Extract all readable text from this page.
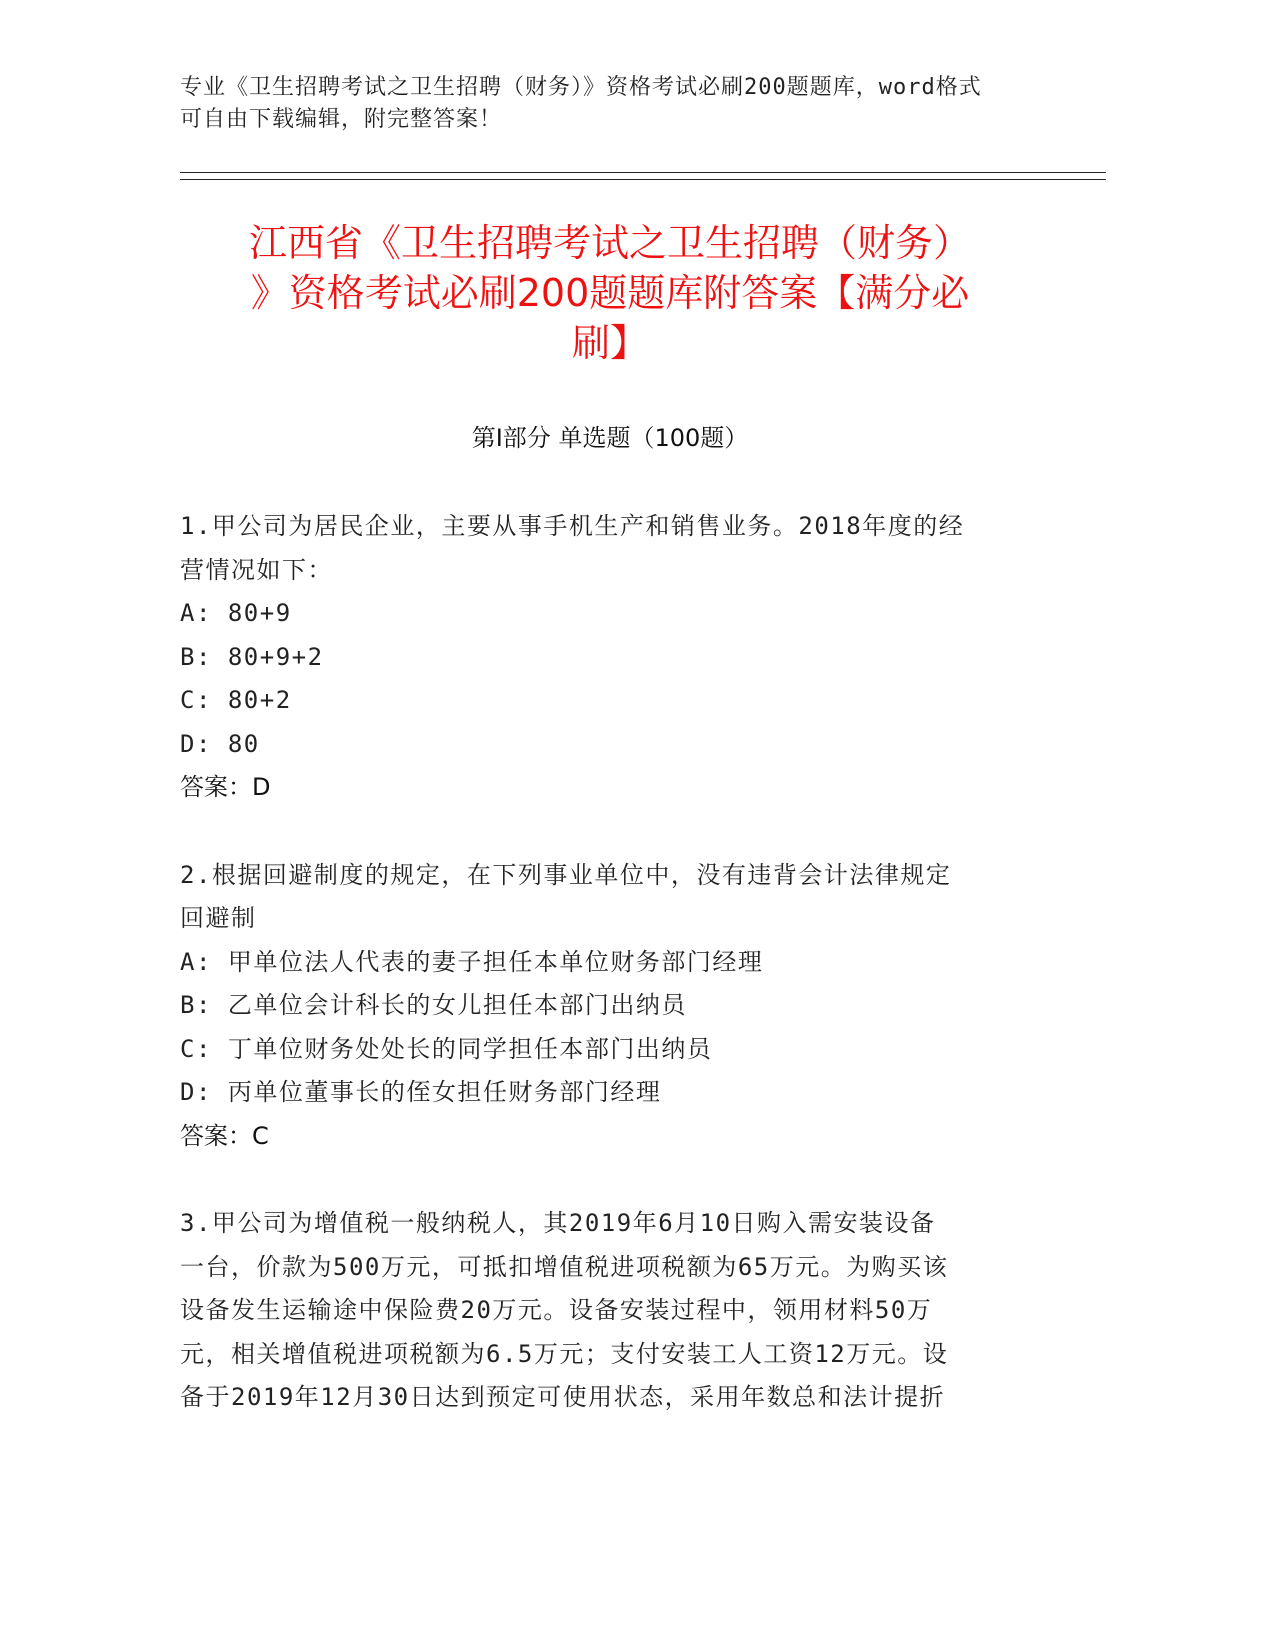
专业《卫生招聘考试之卫生招聘（财务）》资格考试必刷200题题库，word格式

可自由下载编辑，附完整答案！

江西省《卫生招聘考试之卫生招聘（财务）

》资格考试必刷200题题库附答案【满分必

刷】

第Ⅰ部分 单选题（100题）

1.甲公司为居民企业，主要从事手机生产和销售业务。2018年度的经

营情况如下：

A: 80+9

B: 80+9+2

C: 80+2

D: 80

答案：D

2.根据回避制度的规定，在下列事业单位中，没有违背会计法律规定

回避制

A: 甲单位法人代表的妻子担任本单位财务部门经理

B: 乙单位会计科长的女儿担任本部门出纳员

C: 丁单位财务处处长的同学担任本部门出纳员

D: 丙单位董事长的侄女担任财务部门经理

答案：C

3.甲公司为增值税一般纳税人，其2019年6月10日购入需安装设备

一台，价款为500万元，可抵扣增值税进项税额为65万元。为购买该

设备发生运输途中保险费20万元。设备安装过程中，领用材料50万

元，相关增值税进项税额为6.5万元；支付安装工人工资12万元。设

备于2019年12月30日达到预定可使用状态，采用年数总和法计提折
